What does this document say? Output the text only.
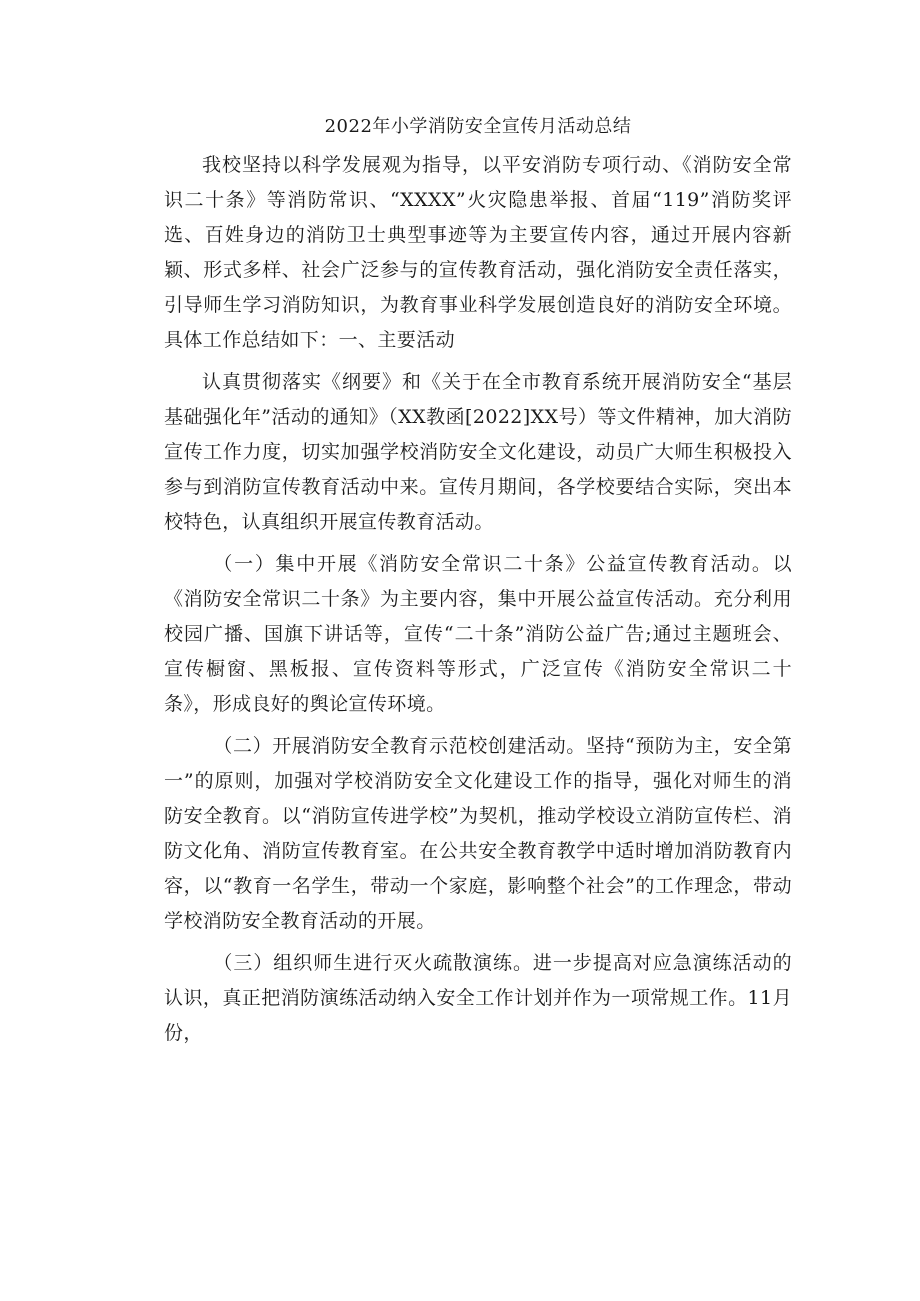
2022年小学消防安全宣传月活动总结

我校坚持以科学发展观为指导，以平安消防专项行动、《消防安全常识二十条》等消防常识、“XXXX”火灾隐患举报、首届“119”消防奖评选、百姓身边的消防卫士典型事迹等为主要宣传内容，通过开展内容新颖、形式多样、社会广泛参与的宣传教育活动，强化消防安全责任落实，引导师生学习消防知识，为教育事业科学发展创造良好的消防安全环境。具体工作总结如下：一、主要活动

认真贯彻落实《纲要》和《关于在全市教育系统开展消防安全“基层基础强化年”活动的通知》（XX教函[2022]XX号）等文件精神，加大消防宣传工作力度，切实加强学校消防安全文化建设，动员广大师生积极投入参与到消防宣传教育活动中来。宣传月期间，各学校要结合实际，突出本校特色，认真组织开展宣传教育活动。

（一）集中开展《消防安全常识二十条》公益宣传教育活动。以《消防安全常识二十条》为主要内容，集中开展公益宣传活动。充分利用校园广播、国旗下讲话等，宣传“二十条”消防公益广告;通过主题班会、宣传橱窗、黑板报、宣传资料等形式，广泛宣传《消防安全常识二十条》，形成良好的舆论宣传环境。

（二）开展消防安全教育示范校创建活动。坚持“预防为主，安全第一”的原则，加强对学校消防安全文化建设工作的指导，强化对师生的消防安全教育。以“消防宣传进学校”为契机，推动学校设立消防宣传栏、消防文化角、消防宣传教育室。在公共安全教育教学中适时增加消防教育内容，以“教育一名学生，带动一个家庭，影响整个社会”的工作理念，带动学校消防安全教育活动的开展。

（三）组织师生进行灭火疏散演练。进一步提高对应急演练活动的认识，真正把消防演练活动纳入安全工作计划并作为一项常规工作。11月份，
